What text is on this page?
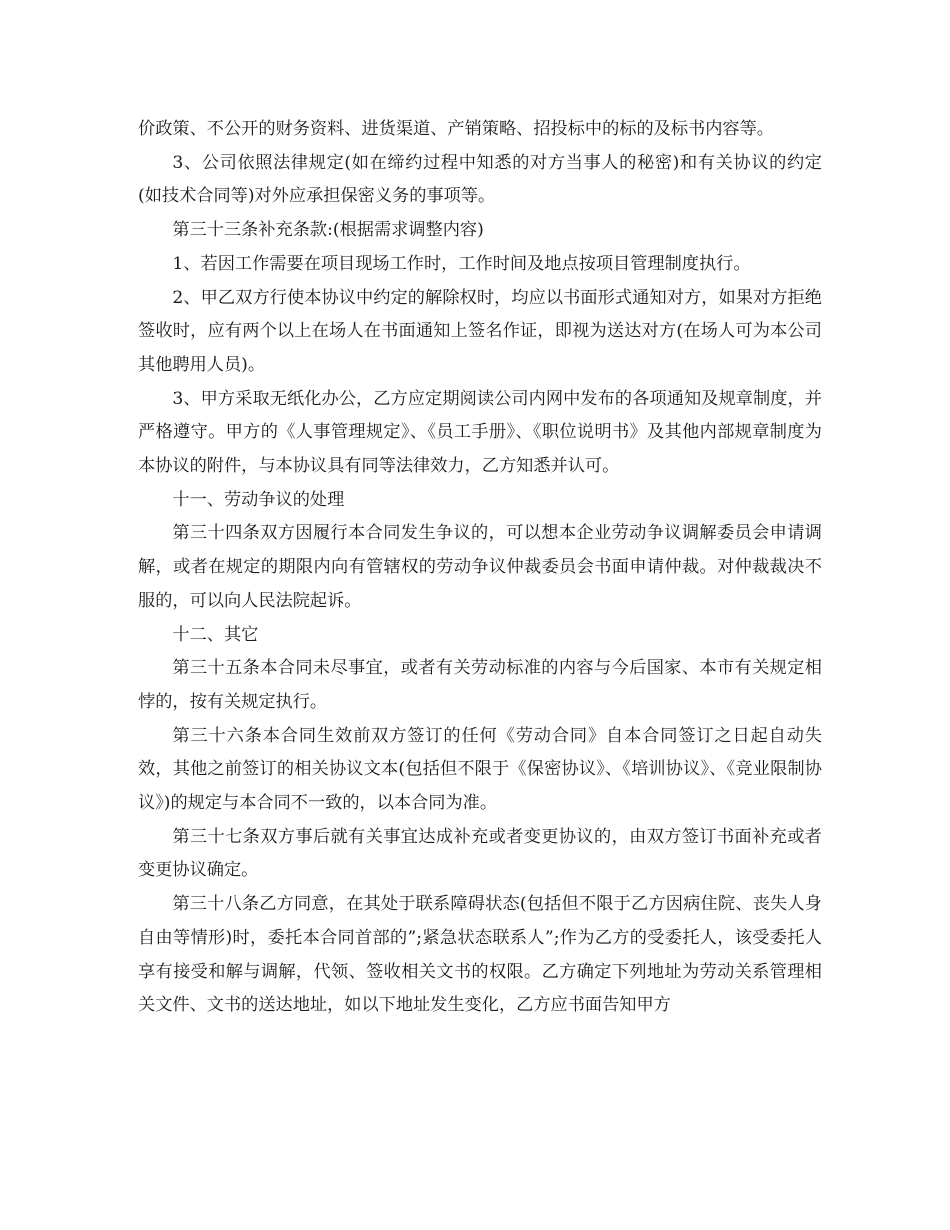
价政策、不公开的财务资料、进货渠道、产销策略、招投标中的标的及标书内容等。

3、公司依照法律规定(如在缔约过程中知悉的对方当事人的秘密)和有关协议的约定(如技术合同等)对外应承担保密义务的事项等。

第三十三条补充条款:(根据需求调整内容)

1、若因工作需要在项目现场工作时，工作时间及地点按项目管理制度执行。

2、甲乙双方行使本协议中约定的解除权时，均应以书面形式通知对方，如果对方拒绝签收时，应有两个以上在场人在书面通知上签名作证，即视为送达对方(在场人可为本公司其他聘用人员)。

3、甲方采取无纸化办公，乙方应定期阅读公司内网中发布的各项通知及规章制度，并严格遵守。甲方的《人事管理规定》、《员工手册》、《职位说明书》及其他内部规章制度为本协议的附件，与本协议具有同等法律效力，乙方知悉并认可。

十一、劳动争议的处理

第三十四条双方因履行本合同发生争议的，可以想本企业劳动争议调解委员会申请调解，或者在规定的期限内向有管辖权的劳动争议仲裁委员会书面申请仲裁。对仲裁裁决不服的，可以向人民法院起诉。

十二、其它

第三十五条本合同未尽事宜，或者有关劳动标准的内容与今后国家、本市有关规定相悖的，按有关规定执行。

第三十六条本合同生效前双方签订的任何《劳动合同》自本合同签订之日起自动失效，其他之前签订的相关协议文本(包括但不限于《保密协议》、《培训协议》、《竞业限制协议》)的规定与本合同不一致的，以本合同为准。

第三十七条双方事后就有关事宜达成补充或者变更协议的，由双方签订书面补充或者变更协议确定。

第三十八条乙方同意，在其处于联系障碍状态(包括但不限于乙方因病住院、丧失人身自由等情形)时，委托本合同首部的”;紧急状态联系人”;作为乙方的受委托人，该受委托人享有接受和解与调解，代领、签收相关文书的权限。乙方确定下列地址为劳动关系管理相关文件、文书的送达地址，如以下地址发生变化，乙方应书面告知甲方
